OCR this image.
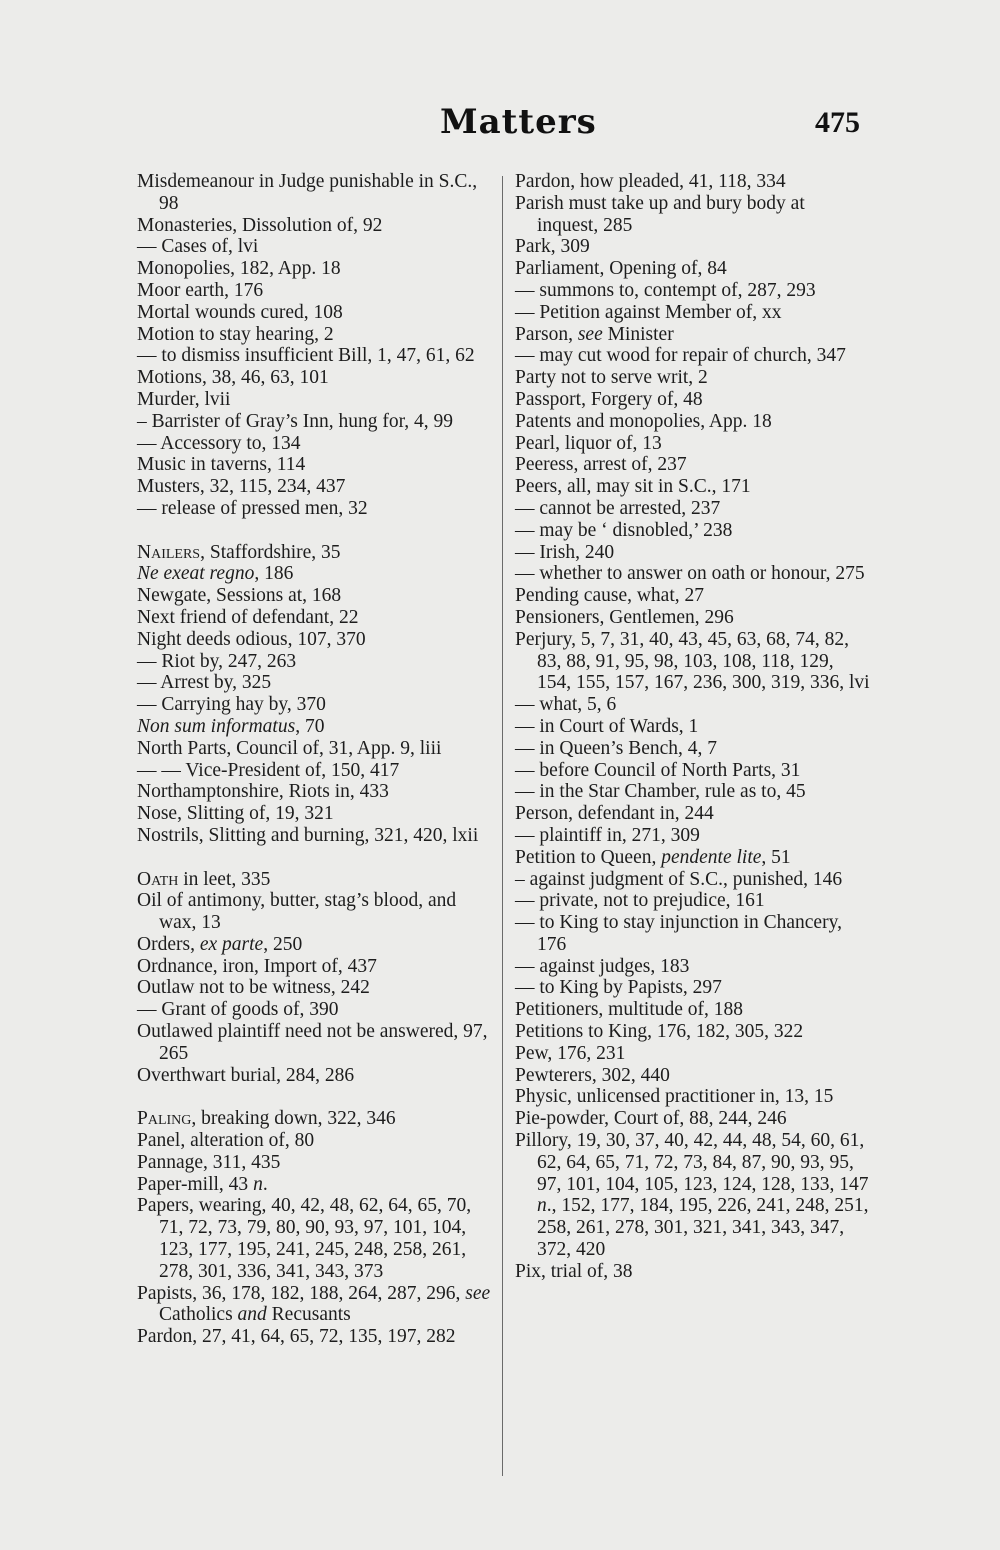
Matters	475

Misdemeanour in Judge punishable in S.C., 98

Monasteries, Dissolution of, 92

— Cases of, lvi

Monopolies, 182, App. 18

Moor earth, 176

Mortal wounds cured, 108

Motion to stay hearing, 2

— to dismiss insufficient Bill, 1, 47, 61, 62

Motions, 38, 46, 63, 101

Murder, lvii

– Barrister of Gray’s Inn, hung for, 4, 99

— Accessory to, 134

Music in taverns, 114

Musters, 32, 115, 234, 437

— release of pressed men, 32

Nailers, Staffordshire, 35

Ne exeat regno, 186

Newgate, Sessions at, 168

Next friend of defendant, 22

Night deeds odious, 107, 370

— Riot by, 247, 263

— Arrest by, 325

— Carrying hay by, 370

Non sum informatus, 70

North Parts, Council of, 31, App. 9, liii

— — Vice-President of, 150, 417

Northamptonshire, Riots in, 433

Nose, Slitting of, 19, 321

Nostrils, Slitting and burning, 321, 420, lxii

Oath in leet, 335

Oil of antimony, butter, stag’s blood, and wax, 13

Orders, ex parte, 250

Ordnance, iron, Import of, 437

Outlaw not to be witness, 242

— Grant of goods of, 390

Outlawed plaintiff need not be answered, 97, 265

Overthwart burial, 284, 286

Paling, breaking down, 322, 346

Panel, alteration of, 80

Pannage, 311, 435

Paper-mill, 43 n.

Papers, wearing, 40, 42, 48, 62, 64, 65, 70, 71, 72, 73, 79, 80, 90, 93, 97, 101, 104, 123, 177, 195, 241, 245, 248, 258, 261, 278, 301, 336, 341, 343, 373

Papists, 36, 178, 182, 188, 264, 287, 296, see Catholics and Recusants

Pardon, 27, 41, 64, 65, 72, 135, 197, 282

Pardon, how pleaded, 41, 118, 334

Parish must take up and bury body at inquest, 285

Park, 309

Parliament, Opening of, 84

— summons to, contempt of, 287, 293

— Petition against Member of, xx

Parson, see Minister

— may cut wood for repair of church, 347

Party not to serve writ, 2

Passport, Forgery of, 48

Patents and monopolies, App. 18

Pearl, liquor of, 13

Peeress, arrest of, 237

Peers, all, may sit in S.C., 171

— cannot be arrested, 237

— may be ‘ disnobled,’ 238

— Irish, 240

— whether to answer on oath or honour, 275

Pending cause, what, 27

Pensioners, Gentlemen, 296

Perjury, 5, 7, 31, 40, 43, 45, 63, 68, 74, 82, 83, 88, 91, 95, 98, 103, 108, 118, 129, 154, 155, 157, 167, 236, 300, 319, 336, lvi

— what, 5, 6

— in Court of Wards, 1

— in Queen’s Bench, 4, 7

— before Council of North Parts, 31

— in the Star Chamber, rule as to, 45

Person, defendant in, 244

— plaintiff in, 271, 309

Petition to Queen, pendente lite, 51

– against judgment of S.C., punished, 146

— private, not to prejudice, 161

— to King to stay injunction in Chancery, 176

— against judges, 183

— to King by Papists, 297

Petitioners, multitude of, 188

Petitions to King, 176, 182, 305, 322

Pew, 176, 231

Pewterers, 302, 440

Physic, unlicensed practitioner in, 13, 15

Pie-powder, Court of, 88, 244, 246

Pillory, 19, 30, 37, 40, 42, 44, 48, 54, 60, 61, 62, 64, 65, 71, 72, 73, 84, 87, 90, 93, 95, 97, 101, 104, 105, 123, 124, 128, 133, 147 n., 152, 177, 184, 195, 226, 241, 248, 251, 258, 261, 278, 301, 321, 341, 343, 347, 372, 420

Pix, trial of, 38
